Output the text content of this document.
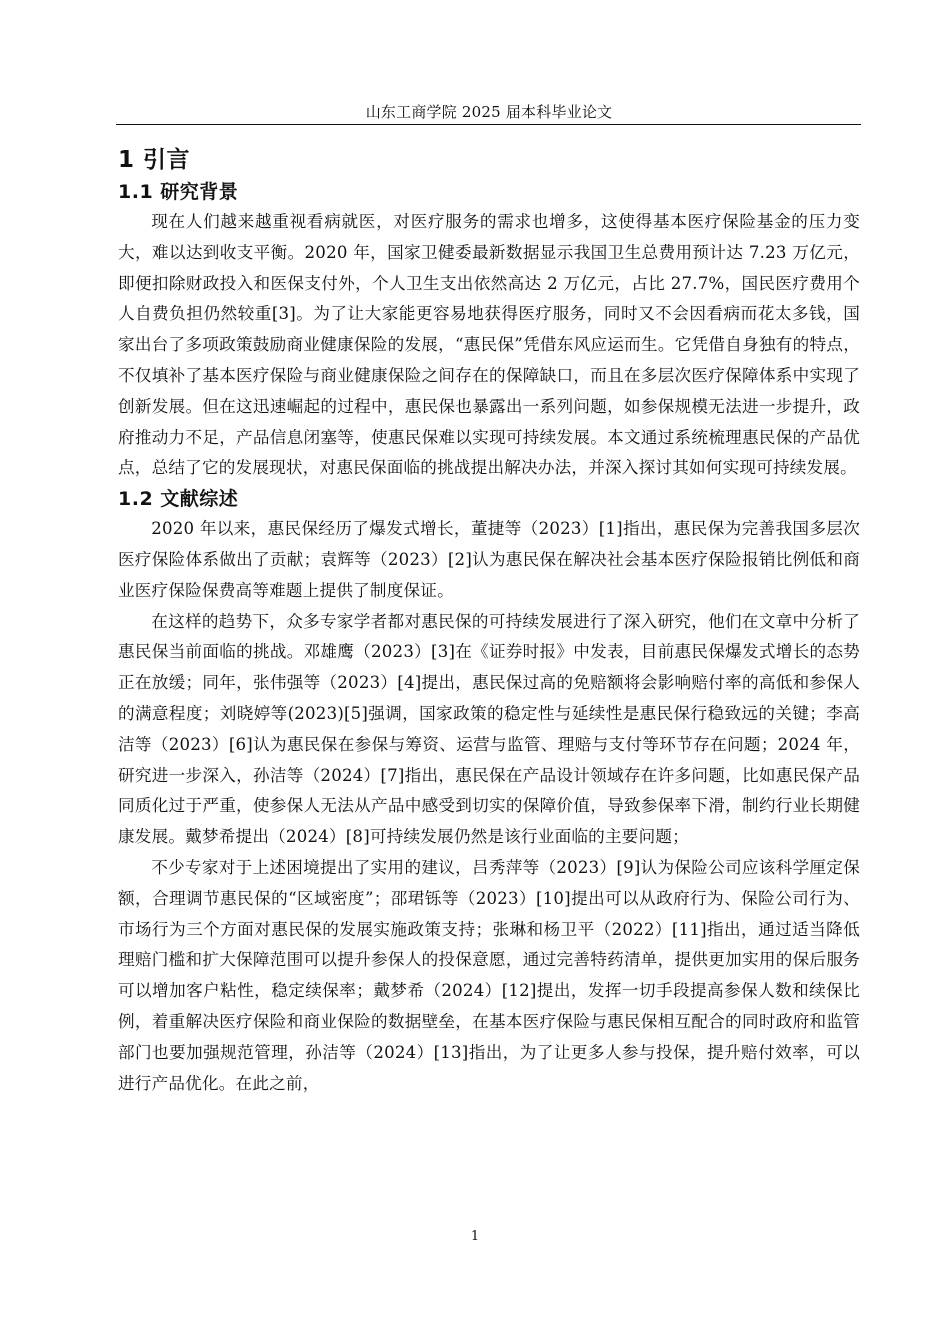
山东工商学院 2025 届本科毕业论文
1 引言
1.1 研究背景

现在人们越来越重视看病就医，对医疗服务的需求也增多，这使得基本医疗保险基金的压力变大，难以达到收支平衡。2020 年，国家卫健委最新数据显示我国卫生总费用预计达 7.23 万亿元，即便扣除财政投入和医保支付外，个人卫生支出依然高达 2 万亿元，占比 27.7%，国民医疗费用个人自费负担仍然较重[3]。为了让大家能更容易地获得医疗服务，同时又不会因看病而花太多钱，国家出台了多项政策鼓励商业健康保险的发展，“惠民保”凭借东风应运而生。它凭借自身独有的特点，不仅填补了基本医疗保险与商业健康保险之间存在的保障缺口，而且在多层次医疗保障体系中实现了创新发展。但在这迅速崛起的过程中，惠民保也暴露出一系列问题，如参保规模无法进一步提升，政府推动力不足，产品信息闭塞等，使惠民保难以实现可持续发展。本文通过系统梳理惠民保的产品优点，总结了它的发展现状，对惠民保面临的挑战提出解决办法，并深入探讨其如何实现可持续发展。

1.2 文献综述

2020 年以来，惠民保经历了爆发式增长，董捷等（2023）[1]指出，惠民保为完善我国多层次医疗保险体系做出了贡献；袁辉等（2023）[2]认为惠民保在解决社会基本医疗保险报销比例低和商业医疗保险保费高等难题上提供了制度保证。

在这样的趋势下，众多专家学者都对惠民保的可持续发展进行了深入研究，他们在文章中分析了惠民保当前面临的挑战。邓雄鹰（2023）[3]在《证券时报》中发表，目前惠民保爆发式增长的态势正在放缓；同年，张伟强等（2023）[4]提出，惠民保过高的免赔额将会影响赔付率的高低和参保人的满意程度；刘晓婷等(2023)[5]强调，国家政策的稳定性与延续性是惠民保行稳致远的关键；李高洁等（2023）[6]认为惠民保在参保与筹资、运营与监管、理赔与支付等环节存在问题；2024 年，研究进一步深入，孙洁等（2024）[7]指出，惠民保在产品设计领域存在许多问题，比如惠民保产品同质化过于严重，使参保人无法从产品中感受到切实的保障价值，导致参保率下滑，制约行业长期健康发展。戴梦希提出（2024）[8]可持续发展仍然是该行业面临的主要问题；

不少专家对于上述困境提出了实用的建议，吕秀萍等（2023）[9]认为保险公司应该科学厘定保额，合理调节惠民保的“区域密度”；邵珺铄等（2023）[10]提出可以从政府行为、保险公司行为、市场行为三个方面对惠民保的发展实施政策支持；张琳和杨卫平（2022）[11]指出，通过适当降低理赔门槛和扩大保障范围可以提升参保人的投保意愿，通过完善特药清单，提供更加实用的保后服务可以增加客户粘性，稳定续保率；戴梦希（2024）[12]提出，发挥一切手段提高参保人数和续保比例，着重解决医疗保险和商业保险的数据壁垒，在基本医疗保险与惠民保相互配合的同时政府和监管部门也要加强规范管理，孙洁等（2024）[13]指出，为了让更多人参与投保，提升赔付效率，可以进行产品优化。在此之前，

1
